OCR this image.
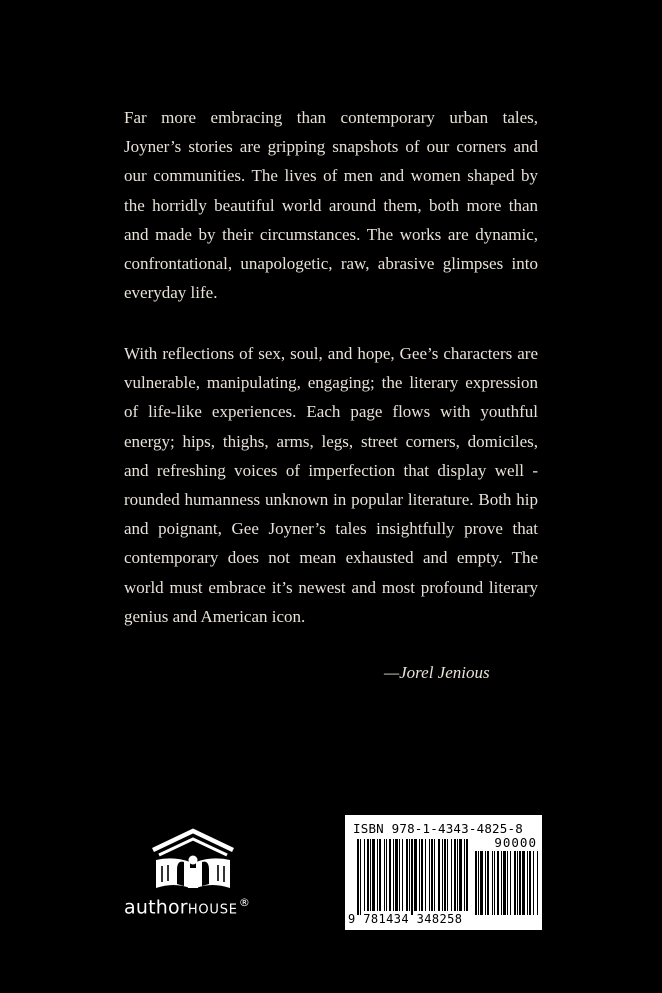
Far more embracing than contemporary urban tales, Joyner’s stories are gripping snapshots of our corners and our communities. The lives of men and women shaped by the horridly beautiful world around them, both more than and made by their circumstances. The works are dynamic, confrontational, unapologetic, raw, abrasive glimpses into everyday life.

With reflections of sex, soul, and hope, Gee’s characters are vulnerable, manipulating, engaging; the literary expression of life-like experiences. Each page flows with youthful energy; hips, thighs, arms, legs, street corners, domiciles, and refreshing voices of imperfection that display well -rounded humanness unknown in popular literature. Both hip and poignant, Gee Joyner’s tales insightfully prove that contemporary does not mean exhausted and empty. The world must embrace it’s newest and most profound literary genius and American icon.

—Jorel Jenious

authorHOUSE®
ISBN 978-1-4343-4825-8
90000
9 781434 348258
